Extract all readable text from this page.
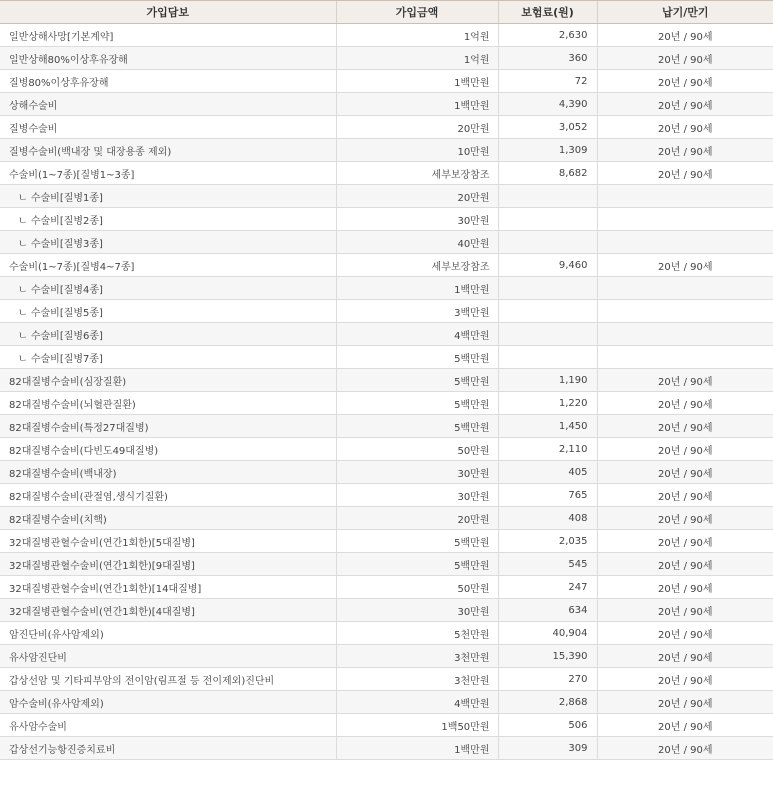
가입담보	가입금액	보험료(원)	납기/만기
일반상해사망[기본계약]	1억원	2,630	20년 / 90세
일반상해80%이상후유장해	1억원	360	20년 / 90세
질병80%이상후유장해	1백만원	72	20년 / 90세
상해수술비	1백만원	4,390	20년 / 90세
질병수술비	20만원	3,052	20년 / 90세
질병수술비(백내장 및 대장용종 제외)	10만원	1,309	20년 / 90세
수술비(1~7종)[질병1~3종]	세부보장참조	8,682	20년 / 90세
ㄴ 수술비[질병1종]	20만원		
ㄴ 수술비[질병2종]	30만원		
ㄴ 수술비[질병3종]	40만원		
수술비(1~7종)[질병4~7종]	세부보장참조	9,460	20년 / 90세
ㄴ 수술비[질병4종]	1백만원		
ㄴ 수술비[질병5종]	3백만원		
ㄴ 수술비[질병6종]	4백만원		
ㄴ 수술비[질병7종]	5백만원		
82대질병수술비(심장질환)	5백만원	1,190	20년 / 90세
82대질병수술비(뇌혈관질환)	5백만원	1,220	20년 / 90세
82대질병수술비(특정27대질병)	5백만원	1,450	20년 / 90세
82대질병수술비(다빈도49대질병)	50만원	2,110	20년 / 90세
82대질병수술비(백내장)	30만원	405	20년 / 90세
82대질병수술비(관절염,생식기질환)	30만원	765	20년 / 90세
82대질병수술비(치핵)	20만원	408	20년 / 90세
32대질병관혈수술비(연간1회한)[5대질병]	5백만원	2,035	20년 / 90세
32대질병관혈수술비(연간1회한)[9대질병]	5백만원	545	20년 / 90세
32대질병관혈수술비(연간1회한)[14대질병]	50만원	247	20년 / 90세
32대질병관혈수술비(연간1회한)[4대질병]	30만원	634	20년 / 90세
암진단비(유사암제외)	5천만원	40,904	20년 / 90세
유사암진단비	3천만원	15,390	20년 / 90세
갑상선암 및 기타피부암의 전이암(림프절 등 전이제외)진단비	3천만원	270	20년 / 90세
암수술비(유사암제외)	4백만원	2,868	20년 / 90세
유사암수술비	1백50만원	506	20년 / 90세
갑상선기능항진증치료비	1백만원	309	20년 / 90세
